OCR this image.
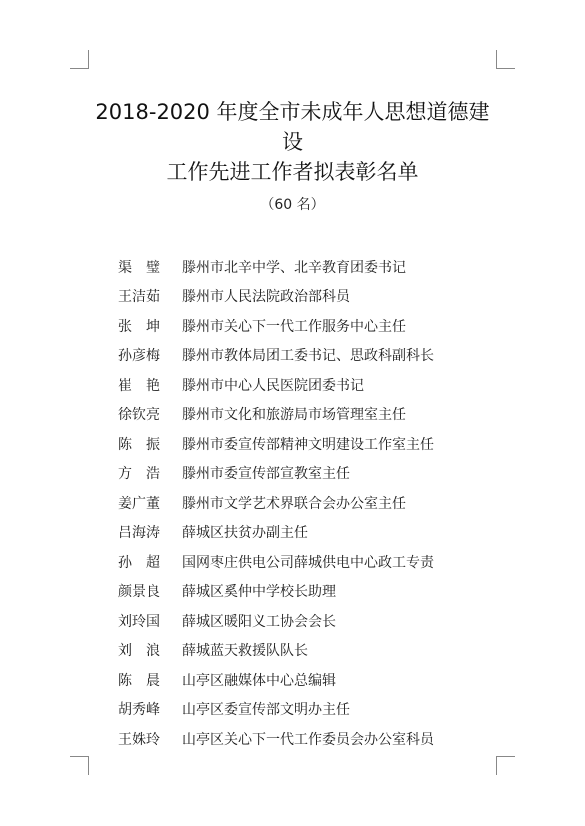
2018-2020 年度全市未成年人思想道德建
设
工作先进工作者拟表彰名单
（60 名）
渠　璧	滕州市北辛中学、北辛教育团委书记
王洁茹	滕州市人民法院政治部科员
张　坤	滕州市关心下一代工作服务中心主任
孙彦梅	滕州市教体局团工委书记、思政科副科长
崔　艳	滕州市中心人民医院团委书记
徐钦亮	滕州市文化和旅游局市场管理室主任
陈　振	滕州市委宣传部精神文明建设工作室主任
方　浩	滕州市委宣传部宣教室主任
姜广董	滕州市文学艺术界联合会办公室主任
吕海涛	薛城区扶贫办副主任
孙　超	国网枣庄供电公司薛城供电中心政工专责
颜景良	薛城区奚仲中学校长助理
刘玲国	薛城区暖阳义工协会会长
刘　浪	薛城蓝天救援队队长
陈　晨	山亭区融媒体中心总编辑
胡秀峰	山亭区委宣传部文明办主任
王姝玲	山亭区关心下一代工作委员会办公室科员
